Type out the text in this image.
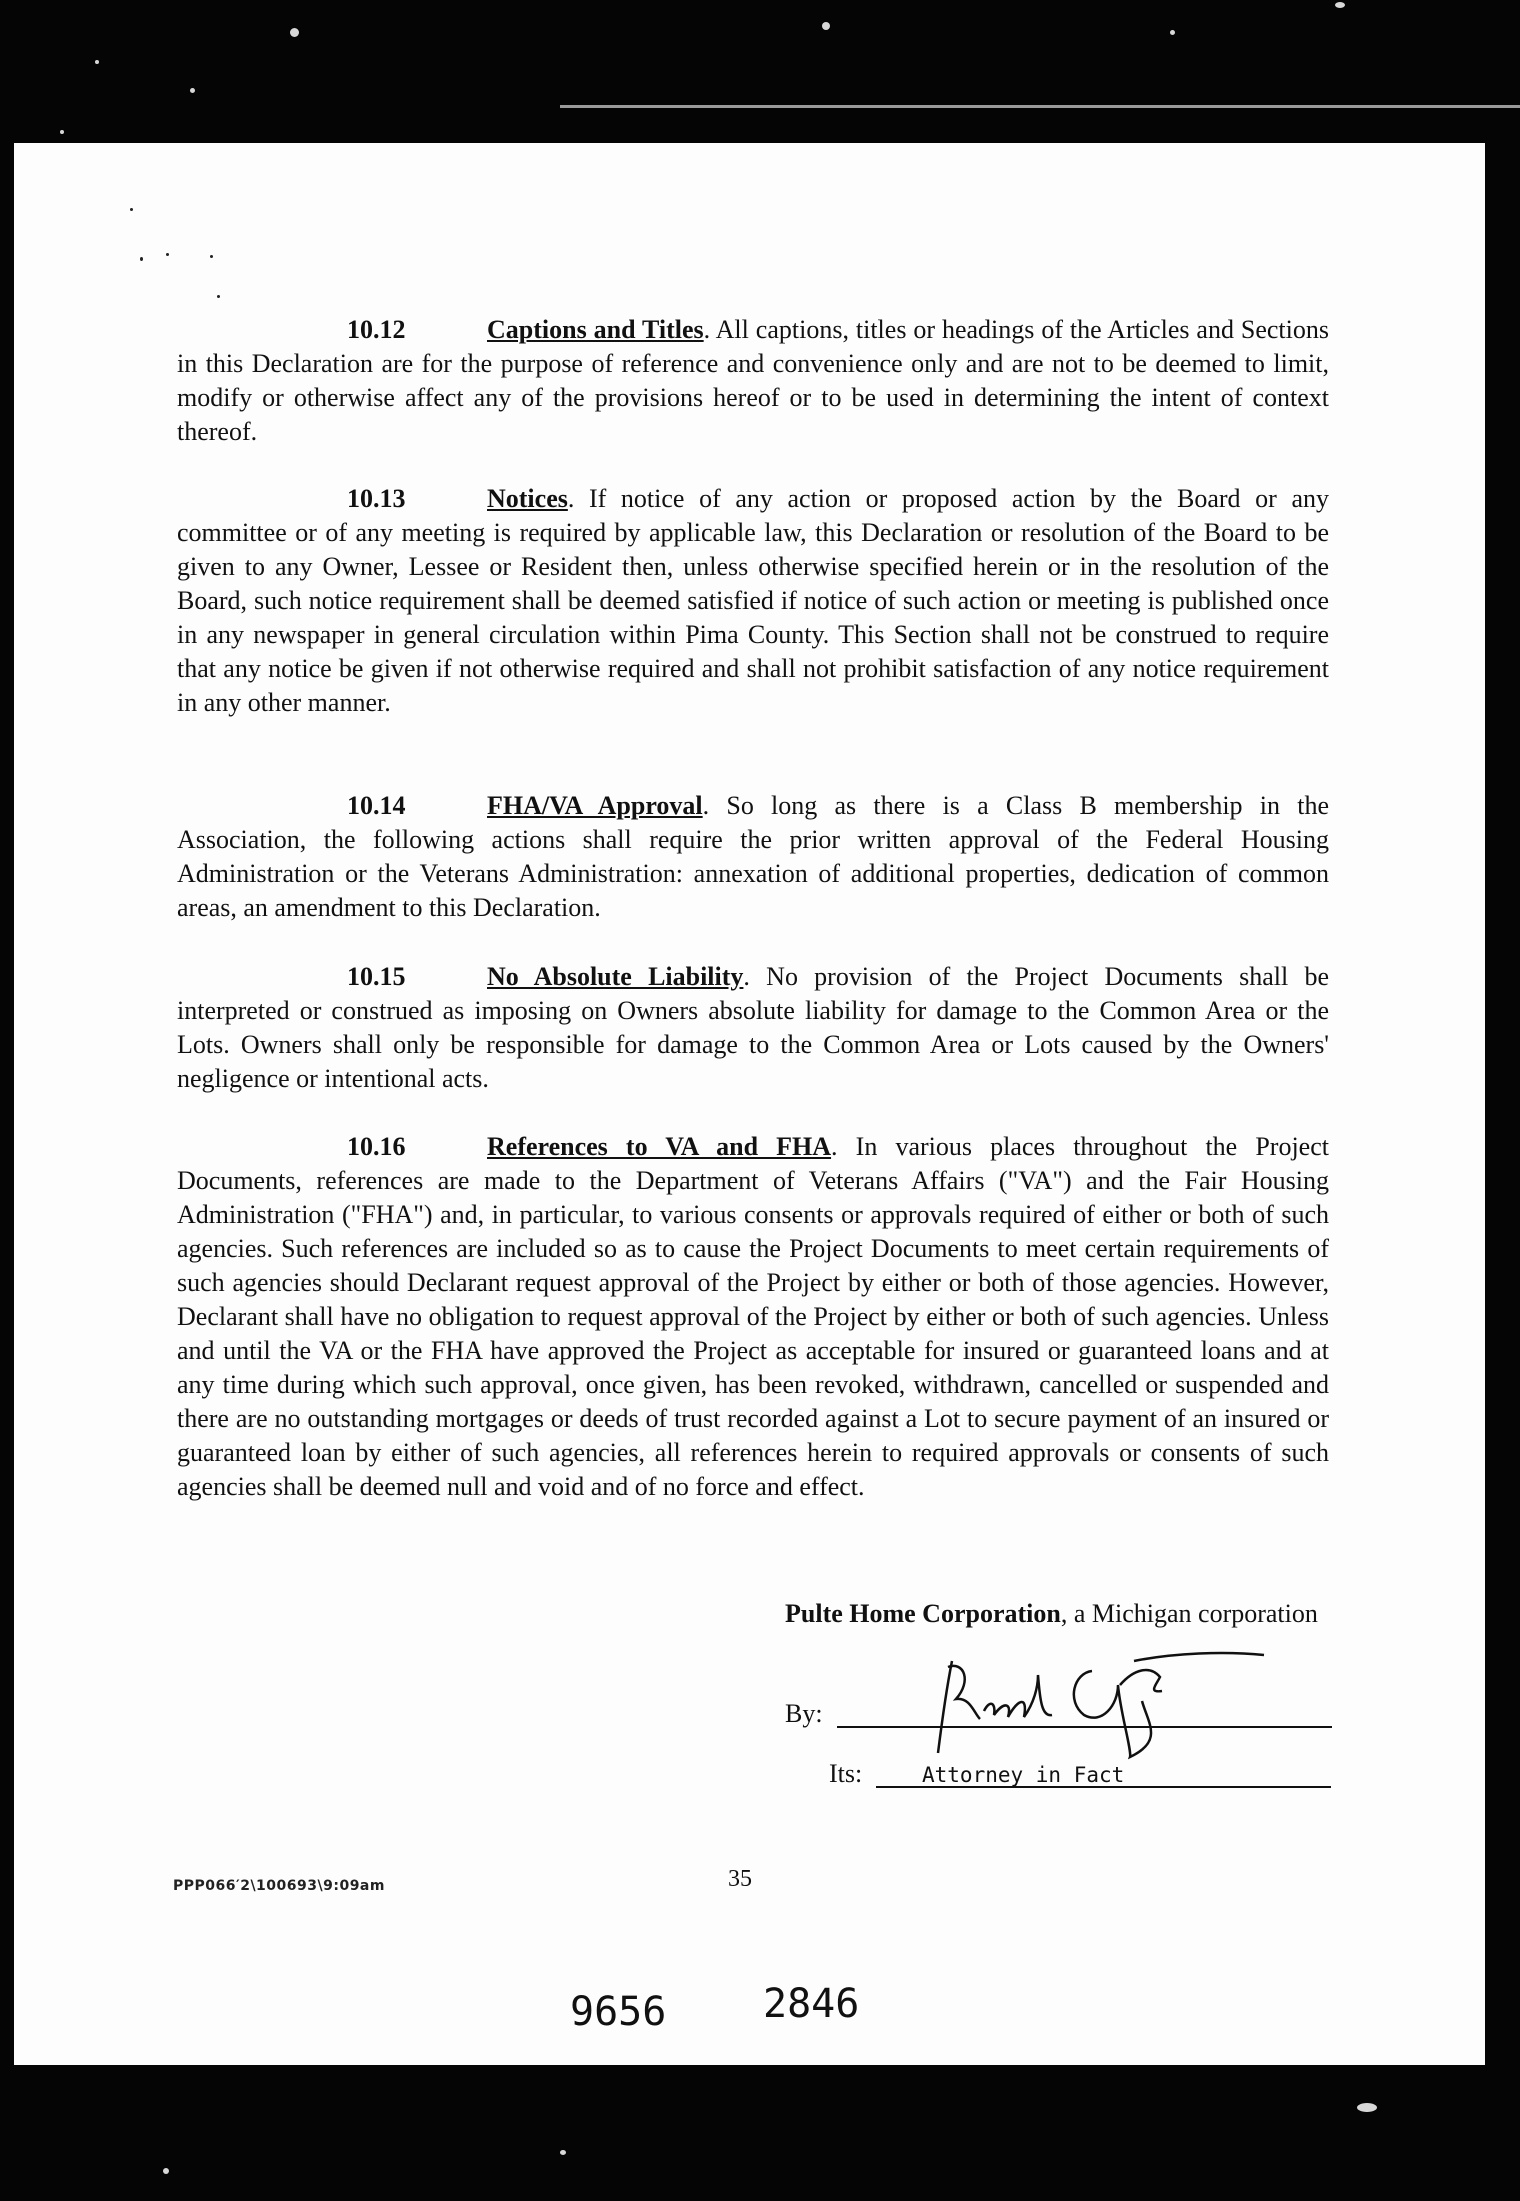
10.12	Captions and Titles. All captions, titles or headings of the Articles and Sections in this Declaration are for the purpose of reference and convenience only and are not to be deemed to limit, modify or otherwise affect any of the provisions hereof or to be used in determining the intent of context thereof.

10.13	Notices. If notice of any action or proposed action by the Board or any committee or of any meeting is required by applicable law, this Declaration or resolution of the Board to be given to any Owner, Lessee or Resident then, unless otherwise specified herein or in the resolution of the Board, such notice requirement shall be deemed satisfied if notice of such action or meeting is published once in any newspaper in general circulation within Pima County. This Section shall not be construed to require that any notice be given if not otherwise required and shall not prohibit satisfaction of any notice requirement in any other manner.

10.14	FHA/VA Approval. So long as there is a Class B membership in the Association, the following actions shall require the prior written approval of the Federal Housing Administration or the Veterans Administration: annexation of additional properties, dedication of common areas, an amendment to this Declaration.

10.15	No Absolute Liability. No provision of the Project Documents shall be interpreted or construed as imposing on Owners absolute liability for damage to the Common Area or the Lots. Owners shall only be responsible for damage to the Common Area or Lots caused by the Owners' negligence or intentional acts.

10.16	References to VA and FHA. In various places throughout the Project Documents, references are made to the Department of Veterans Affairs ("VA") and the Fair Housing Administration ("FHA") and, in particular, to various consents or approvals required of either or both of such agencies. Such references are included so as to cause the Project Documents to meet certain requirements of such agencies should Declarant request approval of the Project by either or both of those agencies. However, Declarant shall have no obligation to request approval of the Project by either or both of such agencies. Unless and until the VA or the FHA have approved the Project as acceptable for insured or guaranteed loans and at any time during which such approval, once given, has been revoked, withdrawn, cancelled or suspended and there are no outstanding mortgages or deeds of trust recorded against a Lot to secure payment of an insured or guaranteed loan by either of such agencies, all references herein to required approvals or consents of such agencies shall be deemed null and void and of no force and effect.

Pulte Home Corporation, a Michigan corporation
By:
Its:	Attorney in Fact
PPP066′2\100693\9:09am	35
9656 2846
